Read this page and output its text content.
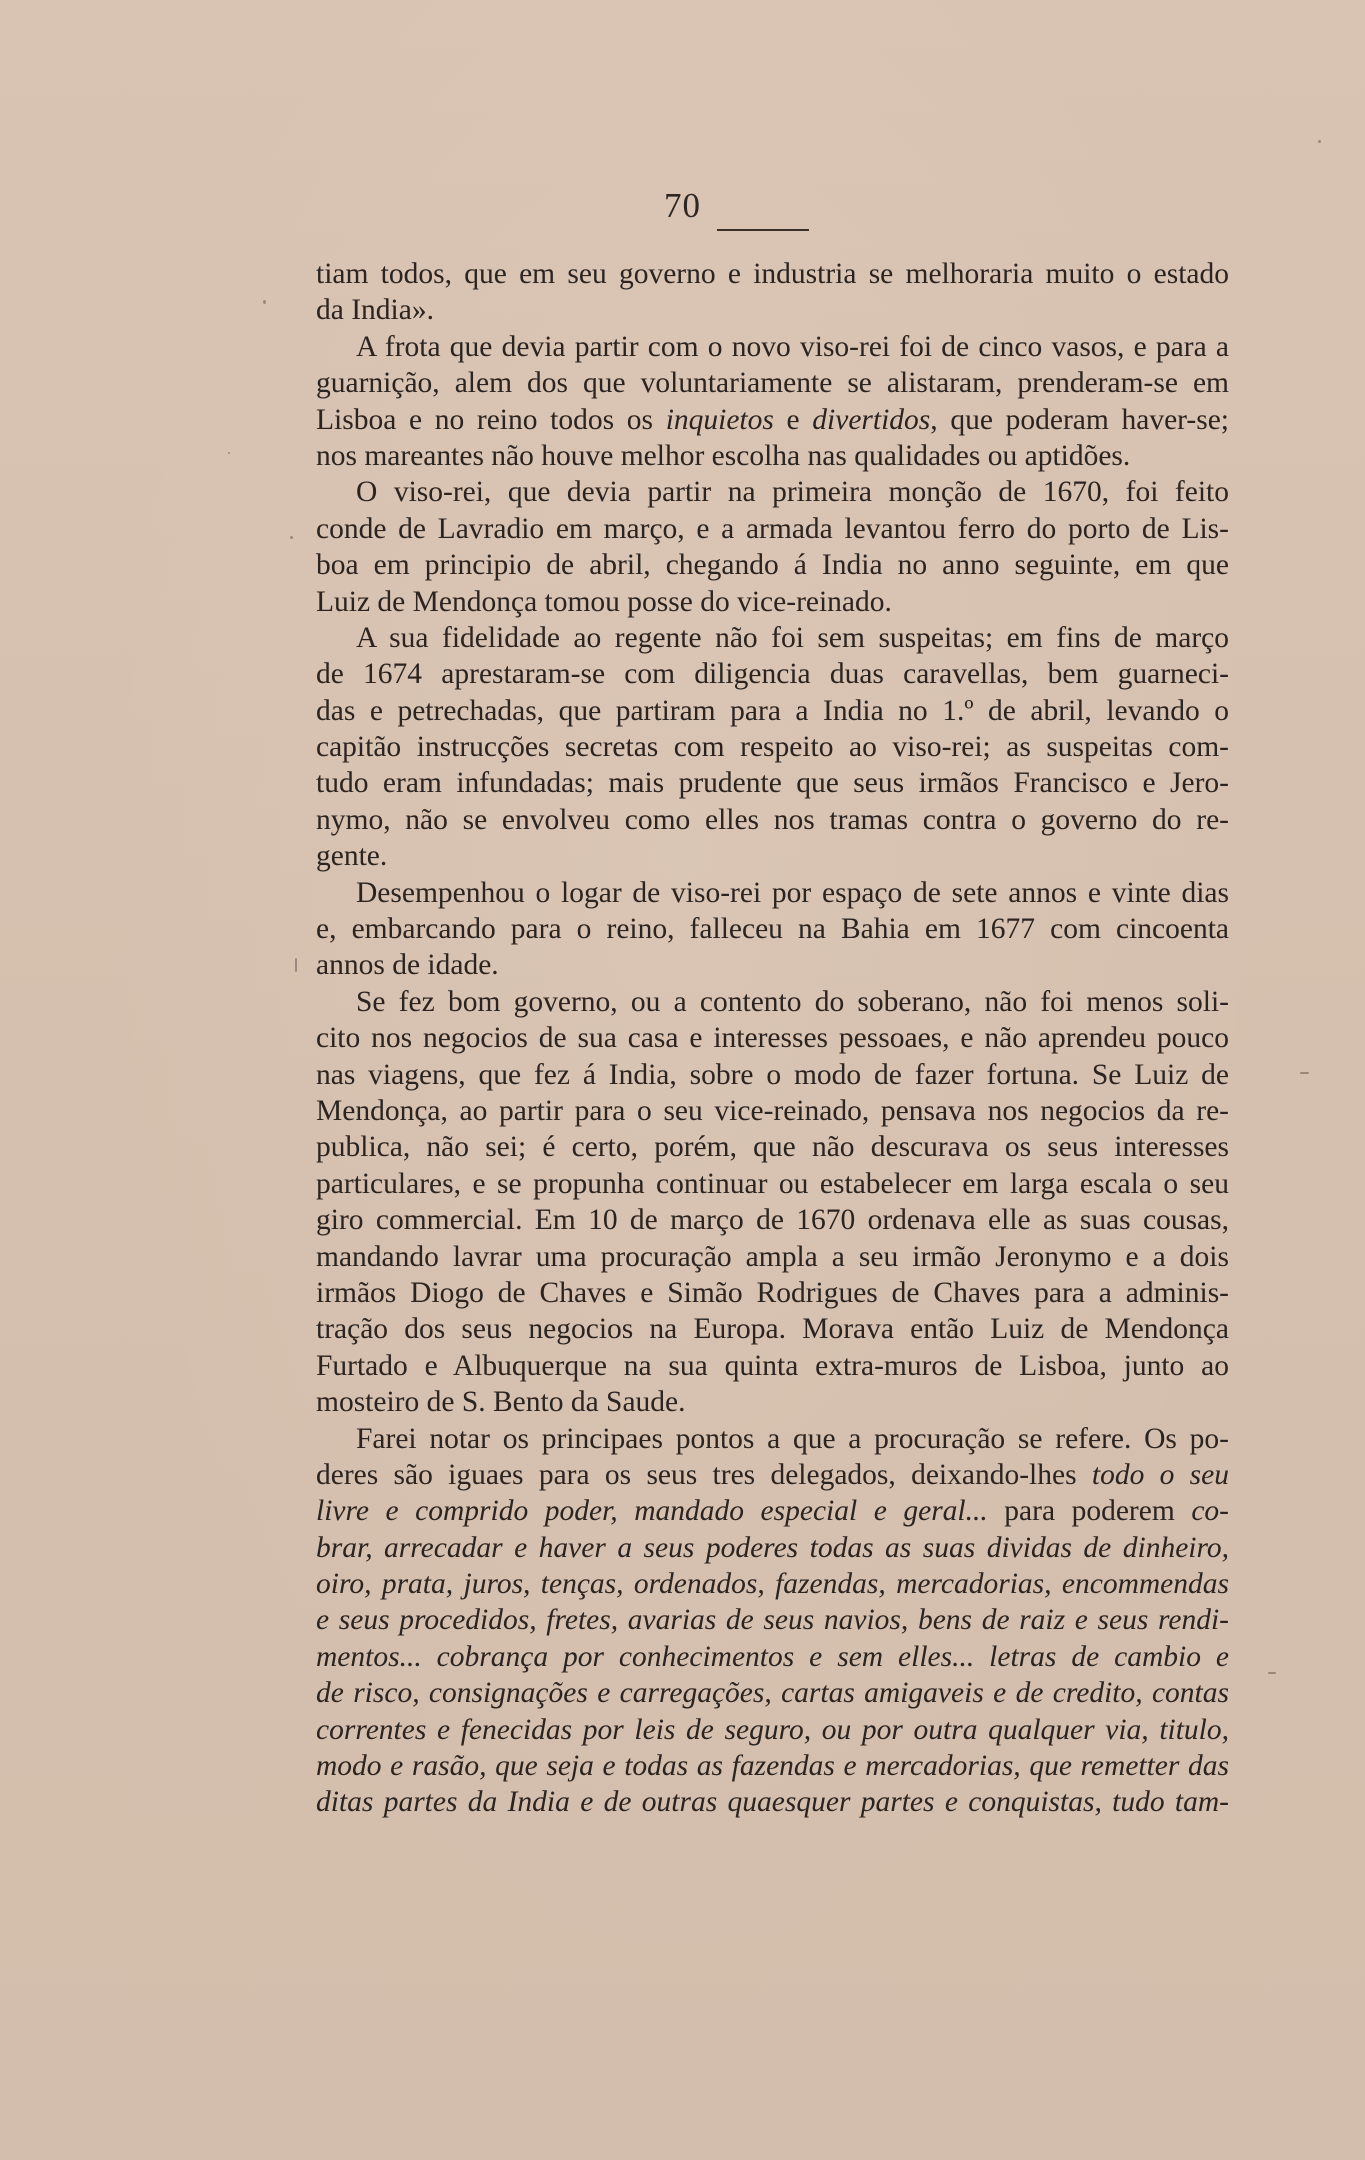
70
tiam todos, que em seu governo e industria se melhoraria muito o estado
da India».
A frota que devia partir com o novo viso-rei foi de cinco vasos, e para a
guarnição, alem dos que voluntariamente se alistaram, prenderam-se em
Lisboa e no reino todos os inquietos e divertidos, que poderam haver-se;
nos mareantes não houve melhor escolha nas qualidades ou aptidões.
O viso-rei, que devia partir na primeira monção de 1670, foi feito
conde de Lavradio em março, e a armada levantou ferro do porto de Lis-
boa em principio de abril, chegando á India no anno seguinte, em que
Luiz de Mendonça tomou posse do vice-reinado.
A sua fidelidade ao regente não foi sem suspeitas; em fins de março
de 1674 aprestaram-se com diligencia duas caravellas, bem guarneci-
das e petrechadas, que partiram para a India no 1.º de abril, levando o
capitão instrucções secretas com respeito ao viso-rei; as suspeitas com-
tudo eram infundadas; mais prudente que seus irmãos Francisco e Jero-
nymo, não se envolveu como elles nos tramas contra o governo do re-
gente.
Desempenhou o logar de viso-rei por espaço de sete annos e vinte dias
e, embarcando para o reino, falleceu na Bahia em 1677 com cincoenta
annos de idade.
Se fez bom governo, ou a contento do soberano, não foi menos soli-
cito nos negocios de sua casa e interesses pessoaes, e não aprendeu pouco
nas viagens, que fez á India, sobre o modo de fazer fortuna. Se Luiz de
Mendonça, ao partir para o seu vice-reinado, pensava nos negocios da re-
publica, não sei; é certo, porém, que não descurava os seus interesses
particulares, e se propunha continuar ou estabelecer em larga escala o seu
giro commercial. Em 10 de março de 1670 ordenava elle as suas cousas,
mandando lavrar uma procuração ampla a seu irmão Jeronymo e a dois
irmãos Diogo de Chaves e Simão Rodrigues de Chaves para a adminis-
tração dos seus negocios na Europa. Morava então Luiz de Mendonça
Furtado e Albuquerque na sua quinta extra-muros de Lisboa, junto ao
mosteiro de S. Bento da Saude.
Farei notar os principaes pontos a que a procuração se refere. Os po-
deres são iguaes para os seus tres delegados, deixando-lhes todo o seu
livre e comprido poder, mandado especial e geral... para poderem co-
brar, arrecadar e haver a seus poderes todas as suas dividas de dinheiro,
oiro, prata, juros, tenças, ordenados, fazendas, mercadorias, encommendas
e seus procedidos, fretes, avarias de seus navios, bens de raiz e seus rendi-
mentos... cobrança por conhecimentos e sem elles... letras de cambio e
de risco, consignações e carregações, cartas amigaveis e de credito, contas
correntes e fenecidas por leis de seguro, ou por outra qualquer via, titulo,
modo e rasão, que seja e todas as fazendas e mercadorias, que remetter das
ditas partes da India e de outras quaesquer partes e conquistas, tudo tam-
